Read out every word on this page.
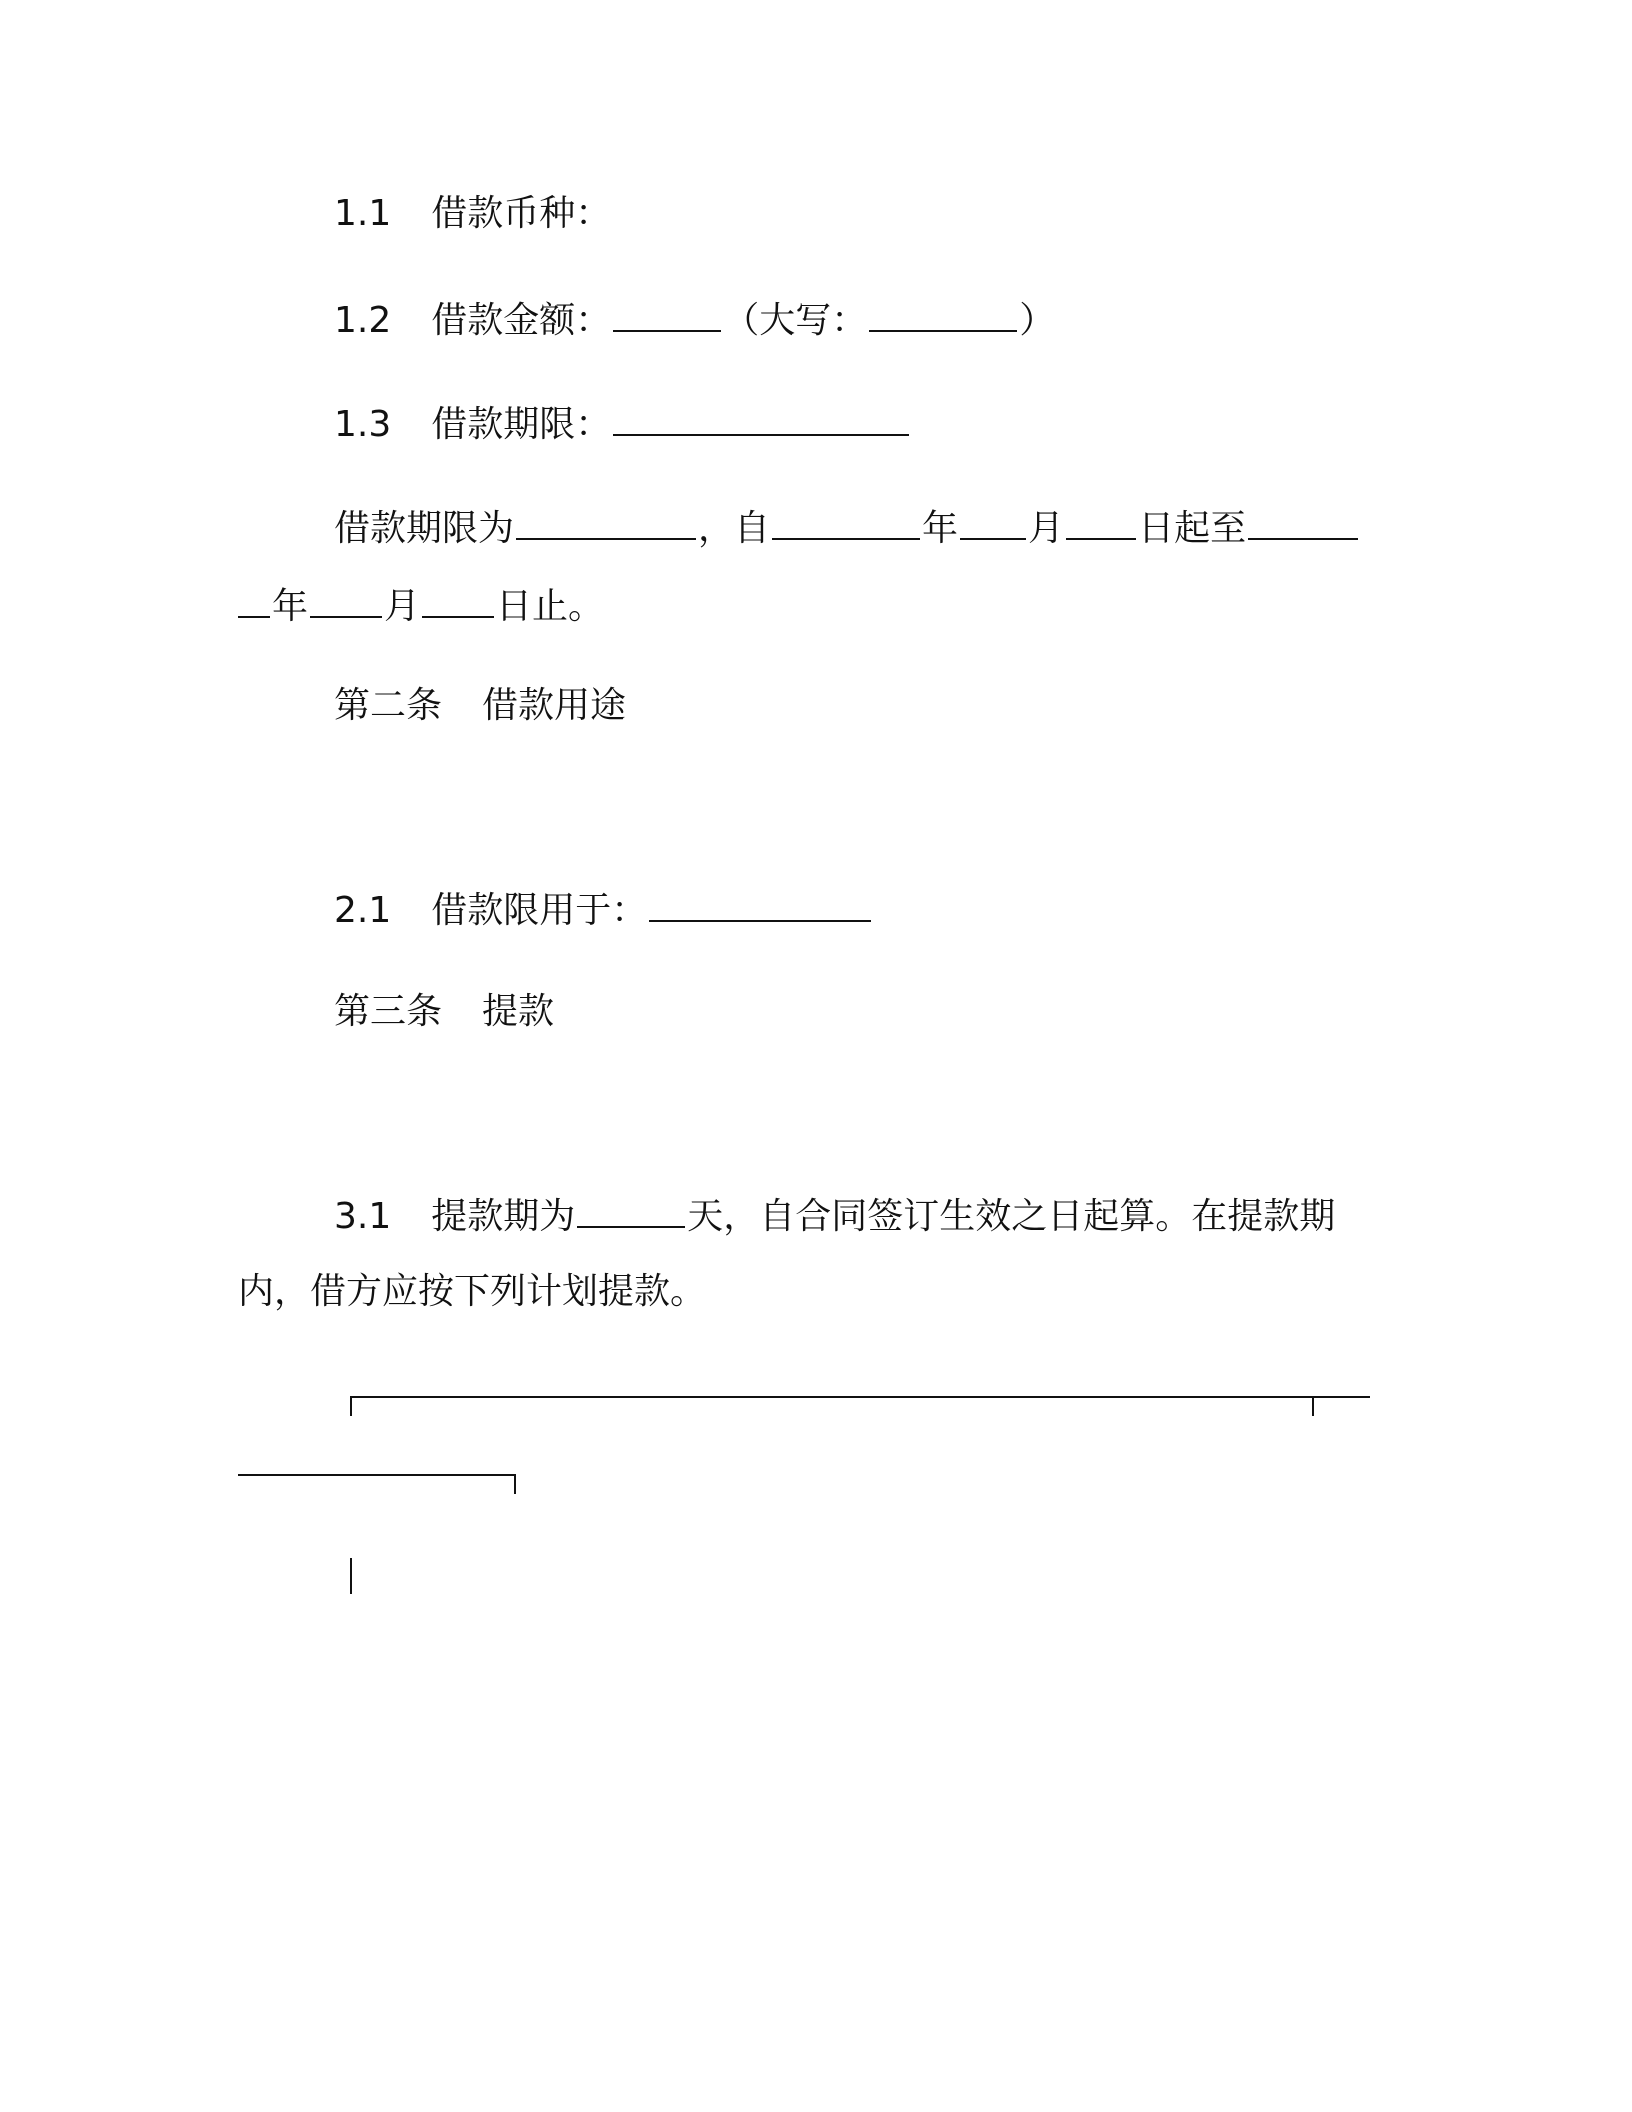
1.1 借款币种：
1.2 借款金额：	（大写：	）
1.3 借款期限：
借款期限为	，自	年 月 日起至
年 月 日止。
第二条 借款用途
2.1 借款限用于：
第三条 提款
3.1 提款期为	天，自合同签订生效之日起算。在提款期
内，借方应按下列计划提款。
